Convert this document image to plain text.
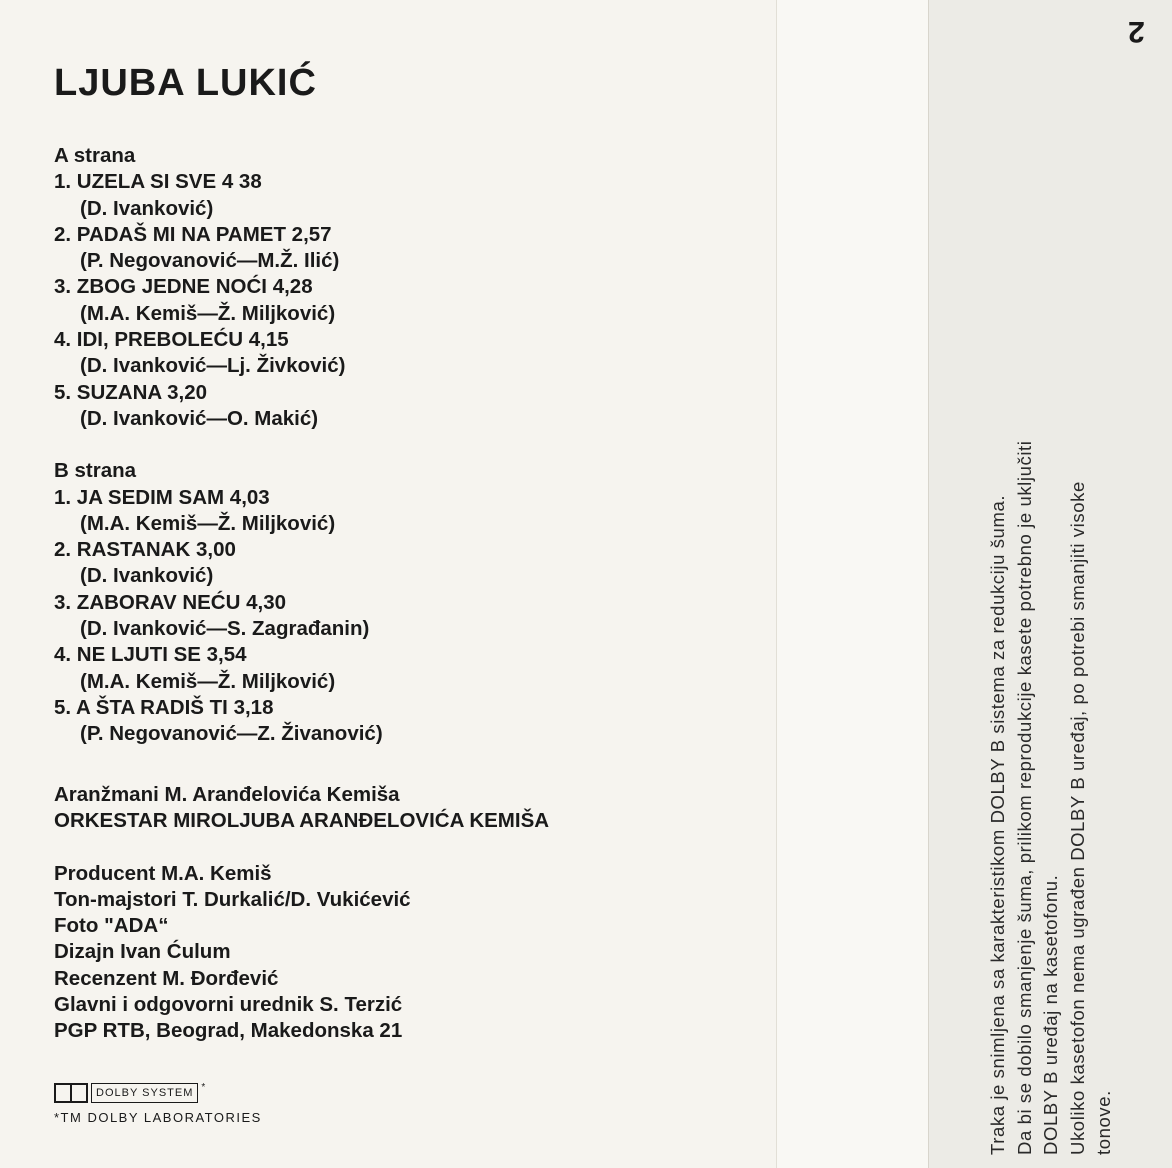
LJUBA LUKIĆ
A strana
1. UZELA SI SVE 4 38
(D. Ivanković)
2. PADAŠ MI NA PAMET 2,57
(P. Negovanović—M.Ž. Ilić)
3. ZBOG JEDNE NOĆI 4,28
(M.A. Kemiš—Ž. Miljković)
4. IDI, PREBOLEĆU 4,15
(D. Ivanković—Lj. Živković)
5. SUZANA 3,20
(D. Ivanković—O. Makić)
B strana
1. JA SEDIM SAM 4,03
(M.A. Kemiš—Ž. Miljković)
2. RASTANAK 3,00
(D. Ivanković)
3. ZABORAV NEĆU 4,30
(D. Ivanković—S. Zagrađanin)
4. NE LJUTI SE 3,54
(M.A. Kemiš—Ž. Miljković)
5. A ŠTA RADIŠ TI 3,18
(P. Negovanović—Z. Živanović)
Aranžmani M. Aranđelovića Kemiša
ORKESTAR MIROLJUBA ARANĐELOVIĆA KEMIŠA
Producent M.A. Kemiš
Ton-majstori T. Durkalić/D. Vukićević
Foto "ADA“
Dizajn Ivan Ćulum
Recenzent M. Đorđević
Glavni i odgovorni urednik S. Terzić
PGP RTB, Beograd, Makedonska 21
DOLBY SYSTEM *
*TM DOLBY LABORATORIES
2
Traka je snimljena sa karakteristikom DOLBY B sistema za redukciju šuma. Da bi se dobilo smanjenje šuma, prilikom reprodukcije kasete potrebno je uključiti DOLBY B uređaj na kasetofonu. Ukoliko kasetofon nema ugrađen DOLBY B uređaj, po potrebi smanjiti visoke tonove.
